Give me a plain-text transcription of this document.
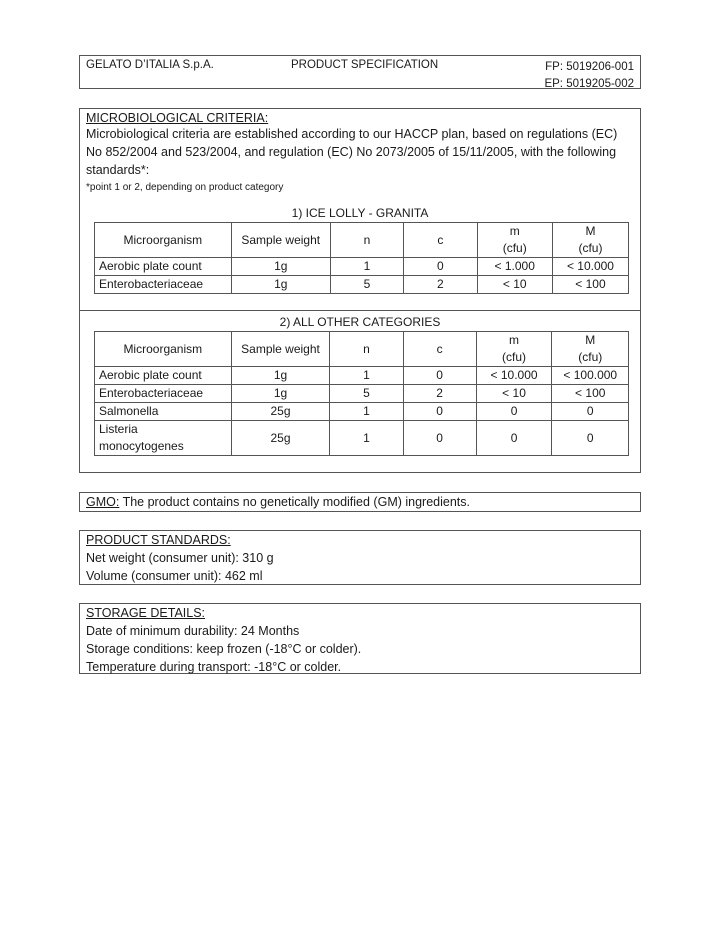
GELATO D’ITALIA S.p.A.	PRODUCT SPECIFICATION	FP: 5019206-001
EP: 5019205-002
MICROBIOLOGICAL CRITERIA:
Microbiological criteria are established according to our HACCP plan, based on regulations (EC) No 852/2004 and 523/2004, and regulation (EC) No 2073/2005 of 15/11/2005, with the following standards*:
*point 1 or 2, depending on product category
1) ICE LOLLY - GRANITA
Microorganism	Sample weight	n	c	m	M
				(cfu)	(cfu)
Aerobic plate count	1g	1	0	< 1.000	< 10.000
Enterobacteriaceae	1g	5	2	< 10	< 100
2) ALL OTHER CATEGORIES
Microorganism	Sample weight	n	c	m	M
				(cfu)	(cfu)
Aerobic plate count	1g	1	0	< 10.000	< 100.000
Enterobacteriaceae	1g	5	2	< 10	< 100
Salmonella	25g	1	0	0	0

Listeria
monocytogenes	25g	1	0	0	0
GMO: The product contains no genetically modified (GM) ingredients.
PRODUCT STANDARDS:
Net weight (consumer unit): 310 g
Volume (consumer unit): 462 ml
STORAGE DETAILS:
Date of minimum durability: 24 Months
Storage conditions: keep frozen (-18°C or colder).
Temperature during transport: -18°C or colder.
